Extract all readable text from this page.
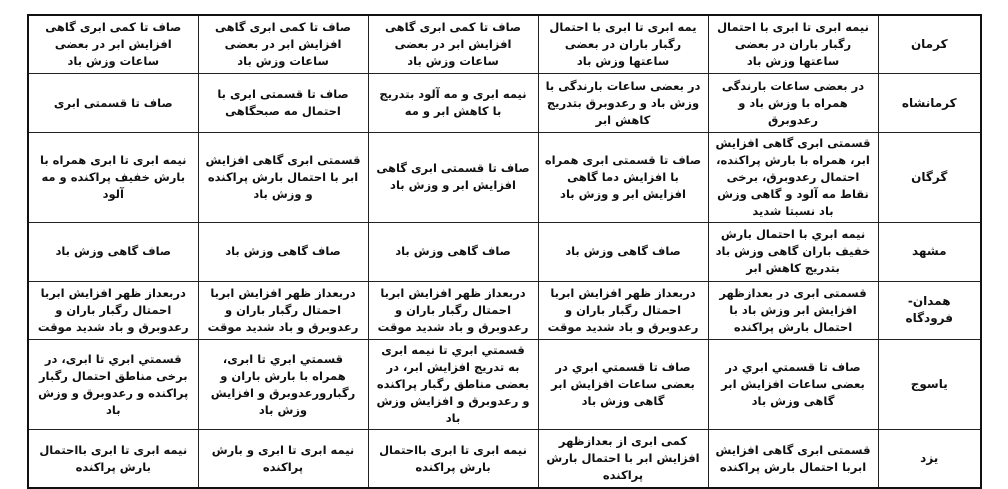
کرمان	نیمه ابری تا ابری با احتمال رگبار باران در بعضی ساعتها وزش باد	یمه ابری تا ابری با احتمال رگبار باران در بعضی ساعتها وزش باد	صاف تا کمی ابری گاهی افزایش ابر در بعضی ساعات وزش باد	صاف تا کمی ابری گاهی افزایش ابر در بعضی ساعات وزش باد	صاف تا کمی ابری گاهی افزایش ابر در بعضی ساعات وزش باد
کرمانشاه	در بعضی ساعات بارندگی همراه با وزش باد و رعدوبرق	در بعضی ساعات بارندگی با وزش باد و رعدوبرق بتدریج کاهش ابر	نیمه ابری و مه آلود بتدریج با کاهش ابر و مه	صاف تا قسمتی ابری با احتمال مه صبحگاهی	صاف تا قسمتی ابری
گرگان	قسمتی ابری گاهی افزایش ابر، همراه با بارش پراکنده، احتمال رعدوبرق، برخی نقاط مه آلود و گاهی وزش باد نسبتا شدید	صاف تا قسمتی ابری همراه با افزایش دما گاهی افزایش ابر و وزش باد	صاف تا قسمتی ابری گاهی افزایش ابر و وزش باد	قسمتی ابری گاهی افزایش ابر با احتمال بارش پراکنده و وزش باد	نیمه ابری تا ابری همراه با بارش خفیف پراکنده و مه آلود
مشهد	نیمه ابري با احتمال بارش خفیف باران گاهی وزش باد بتدریج کاهش ابر	صاف گاهی وزش باد	صاف گاهی وزش باد	صاف گاهی وزش باد	صاف گاهی وزش باد
همدان- فرودگاه	قسمتی ابری در بعدازظهر افزایش ابر وزش باد با احتمال بارش پراکنده	دربعداز ظهر افزایش ابربا احمتال رگبار باران و رعدوبرق و باد شدید موقت	دربعداز ظهر افزایش ابربا احمتال رگبار باران و رعدوبرق و باد شدید موقت	دربعداز ظهر افزایش ابربا احمتال رگبار باران و رعدوبرق و باد شدید موقت	دربعداز ظهر افزایش ابربا احمتال رگبار باران و رعدوبرق و باد شدید موقت
یاسوج	صاف تا قسمتي ابري در بعضی ساعات افزایش ابر گاهی وزش باد	صاف تا قسمتي ابري در بعضی ساعات افزایش ابر گاهی وزش باد	قسمتي ابري تا نیمه ابری به تدریج افزایش ابر، در بعضی مناطق رگبار پراکنده و رعدوبرق و افزایش وزش باد	قسمتي ابري تا ابری، همراه با بارش باران و رگبارورعدوبرق و افزایش وزش باد	قسمتي ابري تا ابری، در برخی مناطق احتمال رگبار پراکنده و رعدوبرق و وزش باد
یزد	قسمتی ابری گاهی افزایش ابربا احتمال بارش پراکنده	کمی ابری از بعدازظهر افزایش ابر با احتمال بارش پراکنده	نیمه ابری تا ابری بااحتمال بارش پراکنده	نیمه ابری تا ابری و بارش پراکنده	نیمه ابری تا ابری بااحتمال بارش پراکنده
